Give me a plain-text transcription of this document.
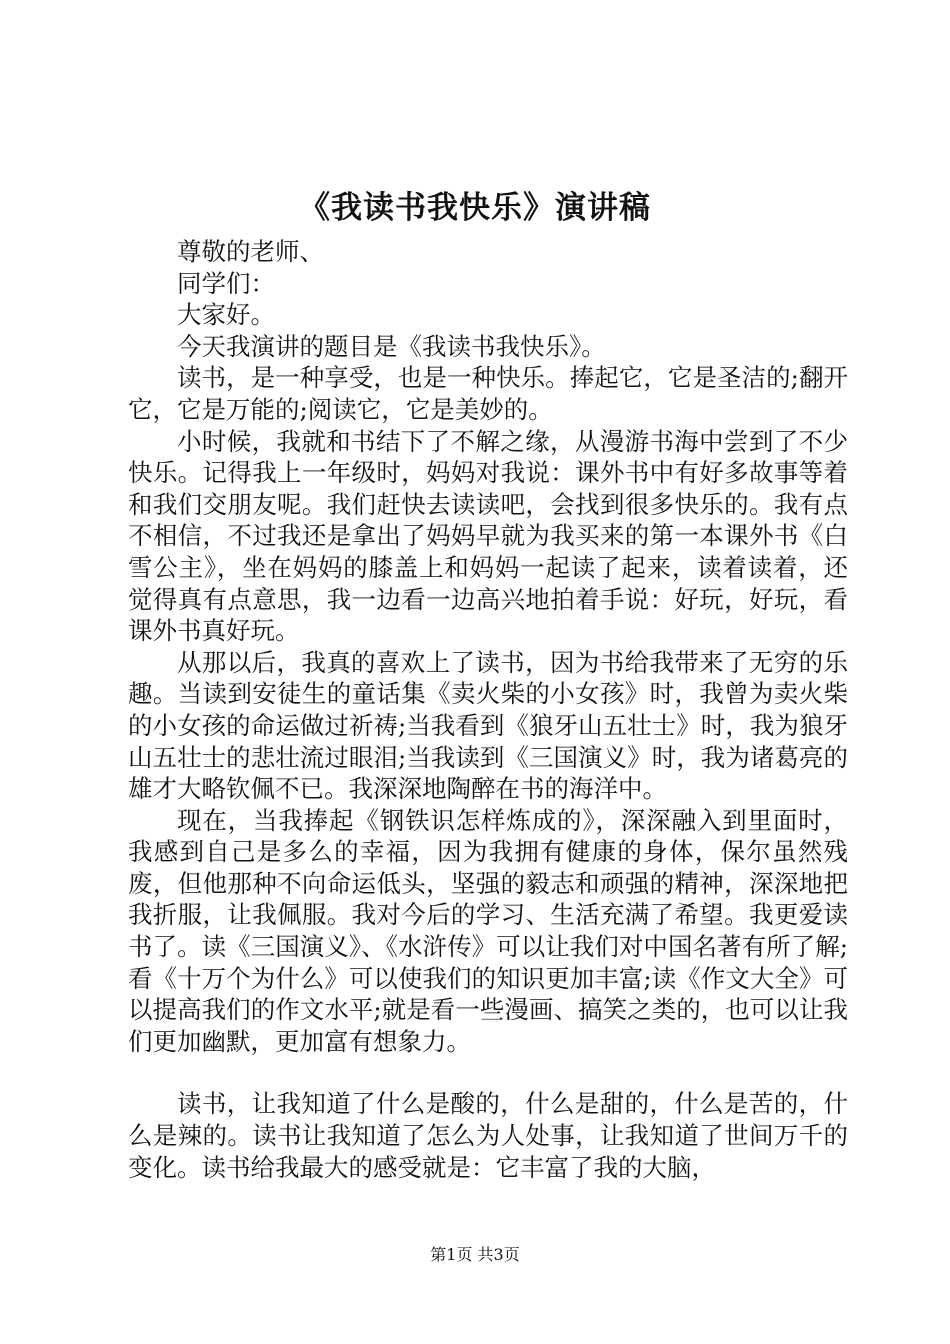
《我读书我快乐》演讲稿

尊敬的老师、

同学们：

大家好。

今天我演讲的题目是《我读书我快乐》。

读书，是一种享受，也是一种快乐。捧起它，它是圣洁的;翻开它，它是万能的;阅读它，它是美妙的。

小时候，我就和书结下了不解之缘，从漫游书海中尝到了不少快乐。记得我上一年级时，妈妈对我说：课外书中有好多故事等着和我们交朋友呢。我们赶快去读读吧，会找到很多快乐的。我有点不相信，不过我还是拿出了妈妈早就为我买来的第一本课外书《白雪公主》，坐在妈妈的膝盖上和妈妈一起读了起来，读着读着，还觉得真有点意思，我一边看一边高兴地拍着手说：好玩，好玩，看课外书真好玩。

从那以后，我真的喜欢上了读书，因为书给我带来了无穷的乐趣。当读到安徒生的童话集《卖火柴的小女孩》时，我曾为卖火柴的小女孩的命运做过祈祷;当我看到《狼牙山五壮士》时，我为狼牙山五壮士的悲壮流过眼泪;当我读到《三国演义》时，我为诸葛亮的雄才大略钦佩不已。我深深地陶醉在书的海洋中。

现在，当我捧起《钢铁识怎样炼成的》，深深融入到里面时，我感到自己是多么的幸福，因为我拥有健康的身体，保尔虽然残废，但他那种不向命运低头，坚强的毅志和顽强的精神，深深地把我折服，让我佩服。我对今后的学习、生活充满了希望。我更爱读书了。读《三国演义》、《水浒传》可以让我们对中国名著有所了解;看《十万个为什么》可以使我们的知识更加丰富;读《作文大全》可以提高我们的作文水平;就是看一些漫画、搞笑之类的，也可以让我们更加幽默，更加富有想象力。

读书，让我知道了什么是酸的，什么是甜的，什么是苦的，什么是辣的。读书让我知道了怎么为人处事，让我知道了世间万千的变化。读书给我最大的感受就是：它丰富了我的大脑，

第1页 共3页
